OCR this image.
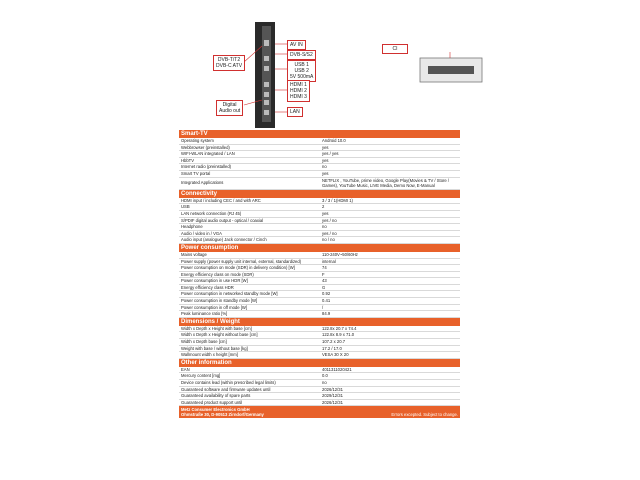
DVB-T/T2
DVB-C ATV
AV IN
DVB-S/S2
USB 1
USB 2
5V 500mA
HDMI 1
HDMI 2
HDMI 3
Digital
Audio out	LAN
CI
Smart-TV
Operating system	Android 10.0
Webbrowser (preinstalled)	yes
WIFI-WLAN integrated / LAN	yes / yes
HbbTV	yes
Internet radio (preinstalled)	no
Smart TV portal	yes
Integrated Applications
NETFLIX , YouTube, prime video, Google Play(Movies & TV / Store / Games), YouTube Music, LIVE Media, Demo Now, E-Manual
Connectivity
HDMI input / including CEC / and with ARC	3 / 3 / 1(HDMI 1)
USB	2
LAN network connection (RJ 45)	yes
S/PDIF digital audio output - optical / coaxial	yes / no
Headphone	no
Audio / video in / VGA	yes / no
Audio input (analogue) Jack connector / Cinch	no / no
Power consumption
Mains voltage	110-240V~50/60Hz
Power supply (power supply unit internal, external, standardized)	internal
Power consumption on mode (SDR) in delivery condition) [W]	74
Energy efficiency class on mode (SDR)	F
Power consumption in use HDR [W]	43
Energy efficiency class HDR	G
Power consumption in networked standby mode [W]	0.92
Power consumption in standby mode [W]	0.41
Power consumption in off mode [W]	/
Peak luminance ratio [%]	84.9
Dimensions / Weight
Width x Depth x Height with base [cm]	122.8x 20.7 x 74.4
Width x Depth x Height without base [cm]	122.8x 8.9 x 71.0
Width x Depth base [cm]	107.2 x 20.7
Weight with base / without base [kg]	17.2 / 17.0
Wallmount width x height [mm]	VESA 30 X 20
Other information
EAN	4011311020421
Mercury content [mg]	0.0
Device contains lead (within prescribed legal limits)	no
Guaranteed software and firmware updates until	2026/12/31
Guaranteed availability of spare parts	2029/12/31
Guaranteed product support until	2026/12/31
Metz Consumer Electronics GmbH
Ohmstraße 30, D-90513 Zirndorf/Germany	Errors excepted. Subject to change.
